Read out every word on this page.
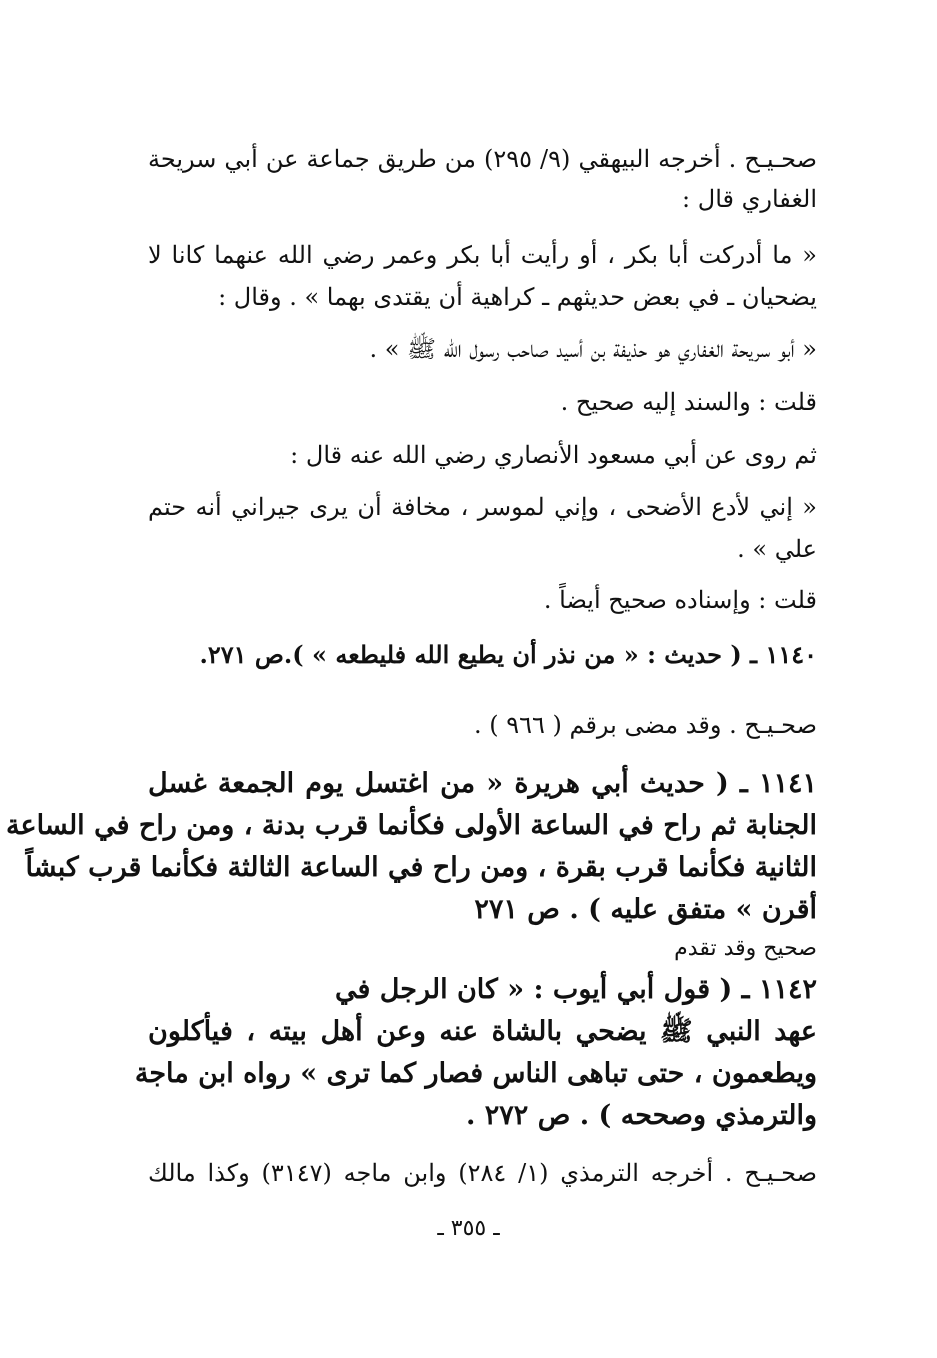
صحـيـح . أخرجه البيهقي (٩/ ٢٩٥) من طريق جماعة عن أبي سريحة
الغفاري قال :
« ما أدركت أبا بكر ، أو رأيت أبا بكر وعمر رضي الله عنهما كانا لا
يضحيان ـ في بعض حديثهم ـ كراهية أن يقتدى بهما » . وقال :
« أبو سريحة الغفاري هو حذيفة بن أسيد صاحب رسول الله ﷺ » .
قلت : والسند إليه صحيح .
ثم روى عن أبي مسعود الأنصاري رضي الله عنه قال :
« إني لأدع الأضحى ، وإني لموسر ، مخافة أن يرى جيراني أنه حتم
علي » .
قلت : وإسناده صحيح أيضاً .
١١٤٠ ـ ( حديث : « من نذر أن يطيع الله فليطعه » ).ص ٢٧١.
صحـيـح . وقد مضى برقم ( ٩٦٦ ) .
١١٤١ ـ ( حديث أبي هريرة « من اغتسل يوم الجمعة غسل
الجنابة ثم راح في الساعة الأولى فكأنما قرب بدنة ، ومن راح في الساعة
الثانية فكأنما قرب بقرة ، ومن راح في الساعة الثالثة فكأنما قرب كبشاً
أقرن » متفق عليه ) . ص ٢٧١
صحيح وقد تقدم
١١٤٢ ـ ( قول أبي أيوب : « كان الرجل في
عهد النبي ﷺ يضحي بالشاة عنه وعن أهل بيته ، فيأكلون
ويطعمون ، حتى تباهى الناس فصار كما ترى » رواه ابن ماجة
والترمذي وصححه ) . ص ٢٧٢ .
صحـيـح . أخرجه الترمذي (١/ ٢٨٤) وابن ماجه (٣١٤٧) وكذا مالك
ـ ٣٥٥ ـ
